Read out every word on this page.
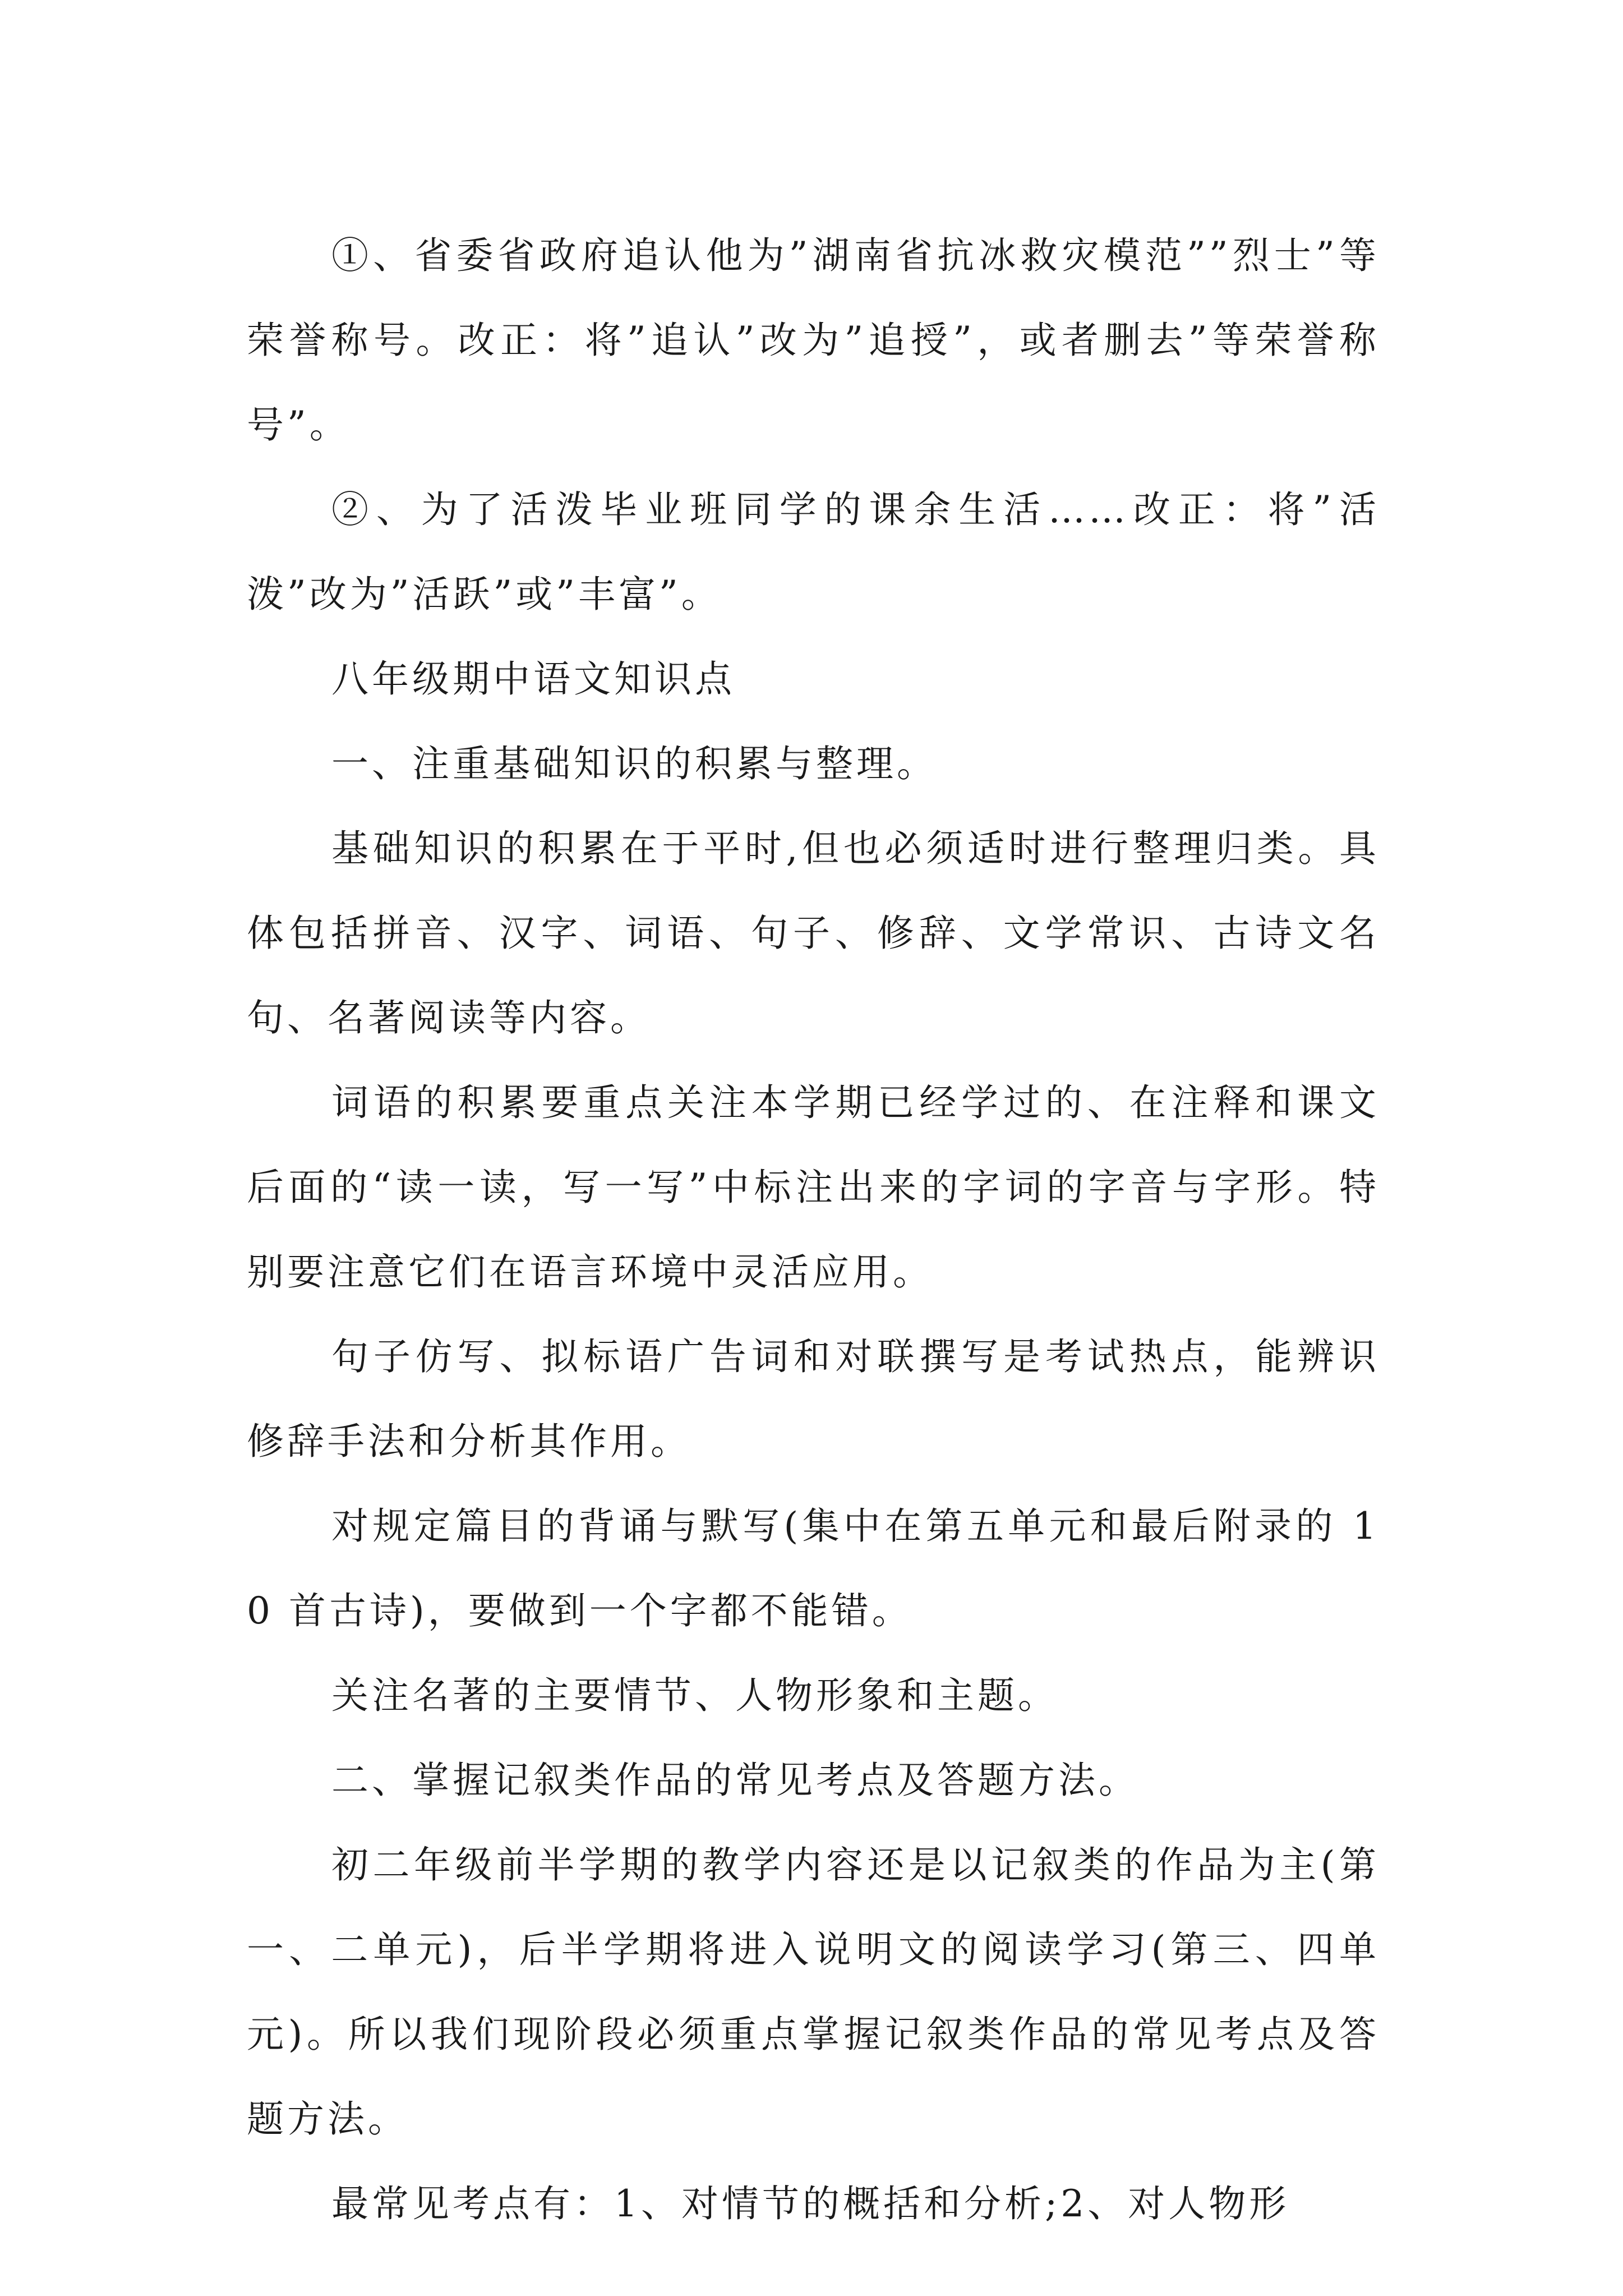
①、省委省政府追认他为”湖南省抗冰救灾模范””烈士”等荣誉称号。改正：将”追认”改为”追授”，或者删去”等荣誉称号”。

②、为了活泼毕业班同学的课余生活……改正：将”活泼”改为”活跃”或”丰富”。

八年级期中语文知识点

一、注重基础知识的积累与整理。

基础知识的积累在于平时,但也必须适时进行整理归类。具体包括拼音、汉字、词语、句子、修辞、文学常识、古诗文名句、名著阅读等内容。

词语的积累要重点关注本学期已经学过的、在注释和课文后面的“读一读，写一写”中标注出来的字词的字音与字形。特别要注意它们在语言环境中灵活应用。

句子仿写、拟标语广告词和对联撰写是考试热点，能辨识修辞手法和分析其作用。

对规定篇目的背诵与默写(集中在第五单元和最后附录的 10 首古诗)，要做到一个字都不能错。

关注名著的主要情节、人物形象和主题。

二、掌握记叙类作品的常见考点及答题方法。

初二年级前半学期的教学内容还是以记叙类的作品为主(第一、二单元)，后半学期将进入说明文的阅读学习(第三、四单元)。所以我们现阶段必须重点掌握记叙类作品的常见考点及答题方法。

最常见考点有：1、对情节的概括和分析;2、对人物形
